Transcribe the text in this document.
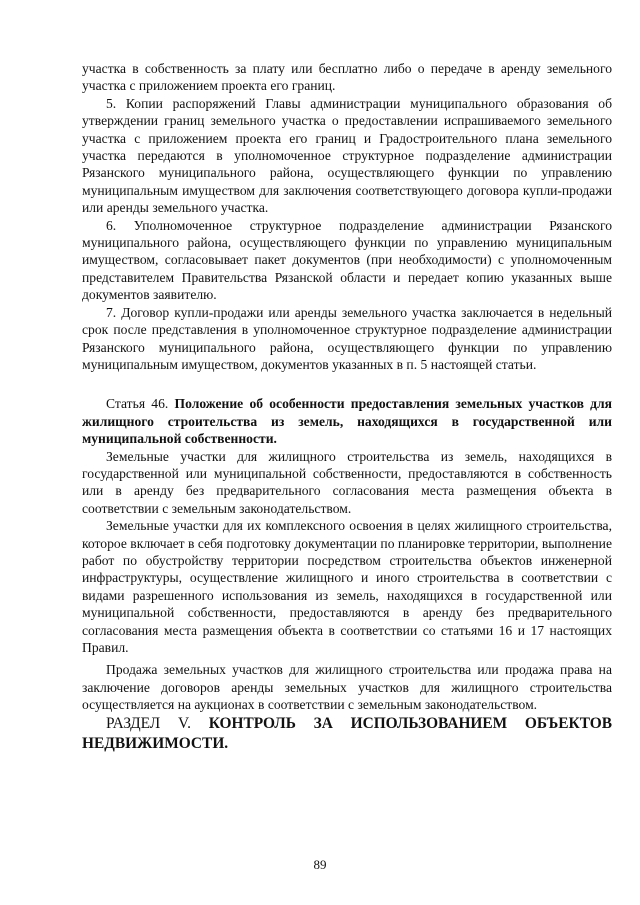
участка в собственность за плату или бесплатно либо о передаче в аренду земельного участка с приложением проекта его границ.

5. Копии распоряжений Главы администрации муниципального образования об утверждении границ земельного участка о предоставлении испрашиваемого земельного участка с приложением проекта его границ и Градостроительного плана земельного участка передаются в уполномоченное структурное подразделение администрации Рязанского муниципального района, осуществляющего функции по управлению муниципальным имуществом для заключения соответствующего договора купли-продажи или аренды земельного участка.

6. Уполномоченное структурное подразделение администрации Рязанского муниципального района, осуществляющего функции по управлению муниципальным имуществом, согласовывает пакет документов (при необходимости) с уполномоченным представителем Правительства Рязанской области и передает копию указанных выше документов заявителю.

7. Договор купли-продажи или аренды земельного участка заключается в недельный срок после представления в уполномоченное структурное подразделение администрации Рязанского муниципального района, осуществляющего функции по управлению муниципальным имуществом, документов указанных в п. 5 настоящей статьи.

Статья 46. Положение об особенности предоставления земельных участков для жилищного строительства из земель, находящихся в государственной или муниципальной собственности.

Земельные участки для жилищного строительства из земель, находящихся в государственной или муниципальной собственности, предоставляются в собственность или в аренду без предварительного согласования места размещения объекта в соответствии с земельным законодательством.

Земельные участки для их комплексного освоения в целях жилищного строительства, которое включает в себя подготовку документации по планировке территории, выполнение работ по обустройству территории посредством строительства объектов инженерной инфраструктуры, осуществление жилищного и иного строительства в соответствии с видами разрешенного использования из земель, находящихся в государственной или муниципальной собственности, предоставляются в аренду без предварительного согласования места размещения объекта в соответствии со статьями 16 и 17 настоящих Правил.

Продажа земельных участков для жилищного строительства или продажа права на заключение договоров аренды земельных участков для жилищного строительства осуществляется на аукционах в соответствии с земельным законодательством.

РАЗДЕЛ V. КОНТРОЛЬ ЗА ИСПОЛЬЗОВАНИЕМ ОБЪЕКТОВ НЕДВИЖИМОСТИ.

89
